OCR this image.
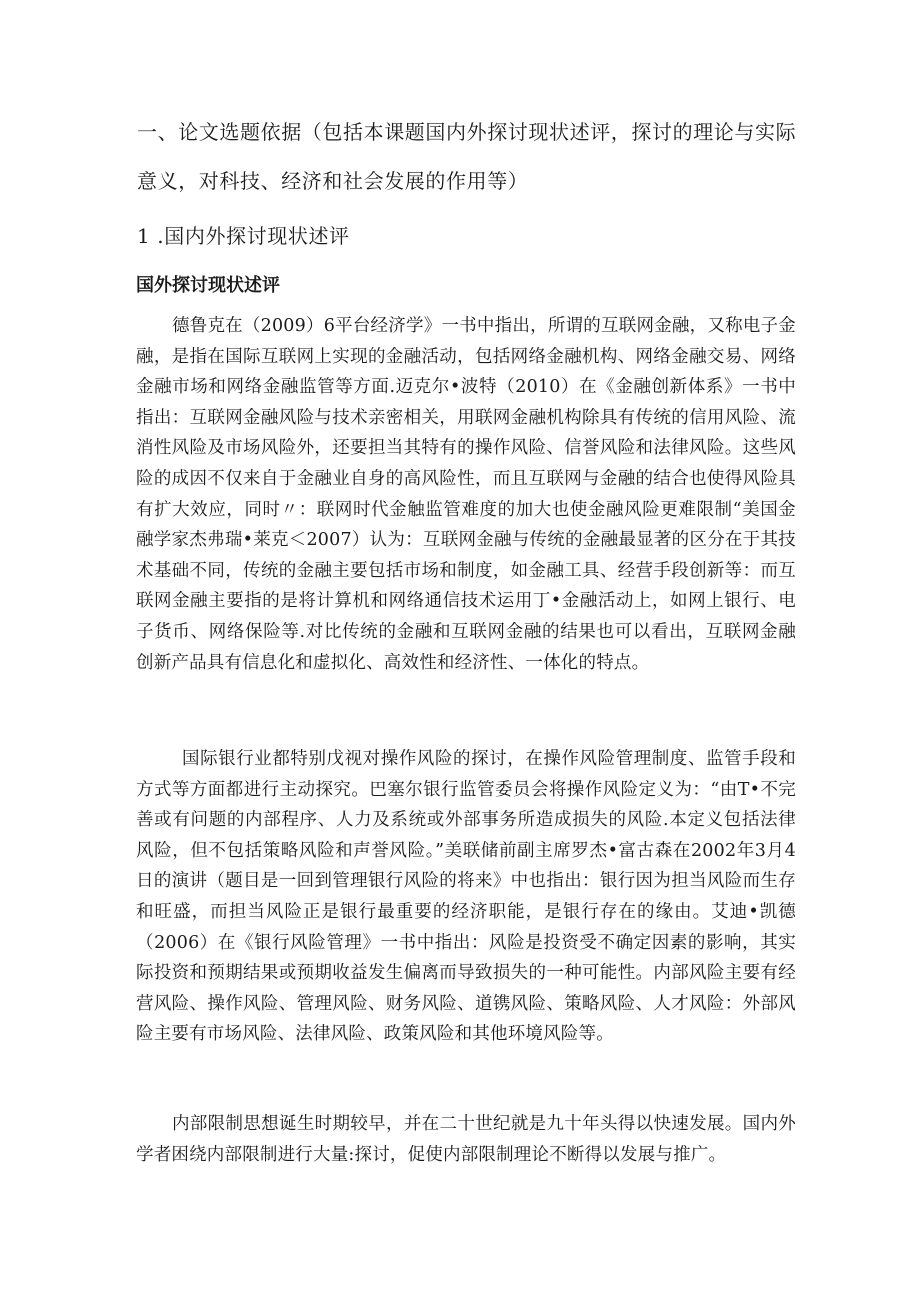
一、论文选题依据（包括本课题国内外探讨现状述评，探讨的理论与实际意义，对科技、经济和社会发展的作用等）
1 .国内外探讨现状述评
国外探讨现状述评

德鲁克在（2009）6平台经济学》一书中指出，所谓的互联网金融，又称电子金融，是指在国际互联网上实现的金融活动，包括网络金融机构、网络金融交易、网络金融市场和网络金融监管等方面.迈克尔•波特（2010）在《金融创新体系》一书中指出：互联网金融风险与技术亲密相关，用联网金融机构除具有传统的信用风险、流消性风险及市场风险外，还要担当其特有的操作风险、信誉风险和法律风险。这些风险的成因不仅来自于金融业自身的高风险性，而且互联网与金融的结合也使得风险具有扩大效应，同时〃：联网时代金触监管难度的加大也使金融风险更难限制“美国金融学家杰弗瑞•莱克＜2007）认为：互联网金融与传统的金融最显著的区分在于其技术基础不同，传统的金融主要包括市场和制度，如金融工具、经营手段创新等：而互联网金融主要指的是将计算机和网络通信技术运用丁•金融活动上，如网上银行、电子货币、网络保险等.对比传统的金融和互联网金融的结果也可以看出，互联网金融创新产品具有信息化和虚拟化、高效性和经济性、一体化的特点。

国际银行业都特别戊视对操作风险的探讨，在操作风险管理制度、监管手段和方式等方面都进行主动探究。巴塞尔银行监管委员会将操作风险定义为：“由T•不完善或有问题的内部程序、人力及系统或外部事务所造成损失的风险.本定义包括法律风险，但不包括策略风险和声誉风险。”美联储前副主席罗杰•富古森在2002年3月4日的演讲（题目是一回到管理银行风险的将来》中也指出：银行因为担当风险而生存和旺盛，而担当风险正是银行最重要的经济职能，是银行存在的缘由。艾迪•凯德（2006）在《银行风险管理》一书中指出：风险是投资受不确定因素的影响，其实际投资和预期结果或预期收益发生偏离而导致损失的一种可能性。内部风险主要有经营风险、操作风险、管理风险、财务风险、道镌风险、策略风险、人才风险：外部风险主要有市场风险、法律风险、政策风险和其他环境风险等。

内部限制思想诞生时期较早，并在二十世纪就是九十年头得以快速发展。国内外学者困绕内部限制进行大量:探讨，促使内部限制理论不断得以发展与推广。
